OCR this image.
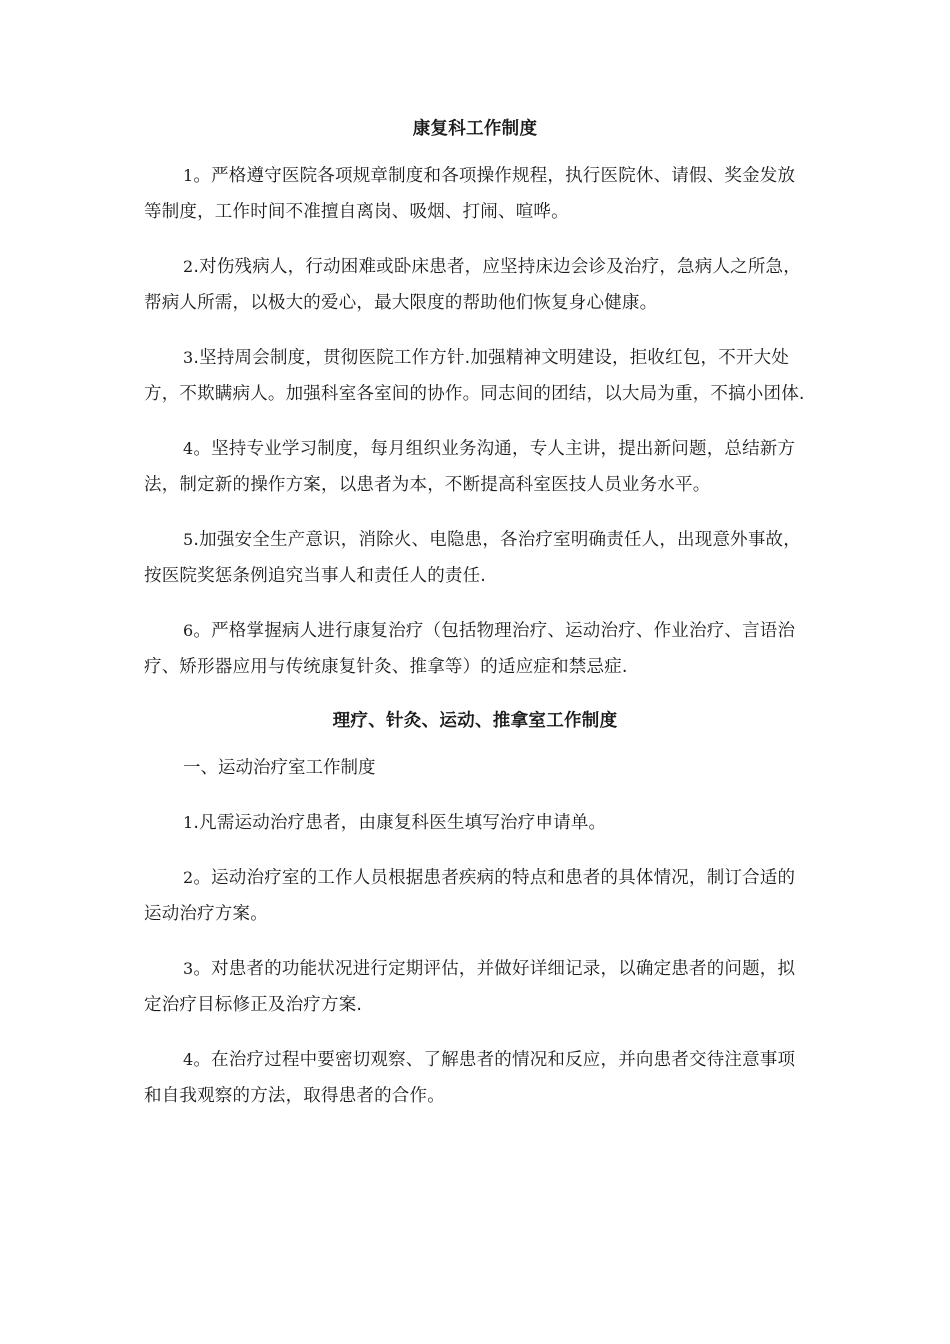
康复科工作制度
1。严格遵守医院各项规章制度和各项操作规程，执行医院休、请假、奖金发放等制度，工作时间不准擅自离岗、吸烟、打闹、喧哗。
2.对伤残病人，行动困难或卧床患者，应坚持床边会诊及治疗，急病人之所急，帮病人所需，以极大的爱心，最大限度的帮助他们恢复身心健康。
3.坚持周会制度，贯彻医院工作方针.加强精神文明建设，拒收红包，不开大处方，不欺瞒病人。加强科室各室间的协作。同志间的团结，以大局为重，不搞小团体.
4。坚持专业学习制度，每月组织业务沟通，专人主讲，提出新问题，总结新方法，制定新的操作方案，以患者为本，不断提高科室医技人员业务水平。
5.加强安全生产意识，消除火、电隐患，各治疗室明确责任人，出现意外事故，按医院奖惩条例追究当事人和责任人的责任.
6。严格掌握病人进行康复治疗（包括物理治疗、运动治疗、作业治疗、言语治疗、矫形器应用与传统康复针灸、推拿等）的适应症和禁忌症.
理疗、针灸、运动、推拿室工作制度
一、运动治疗室工作制度
1.凡需运动治疗患者，由康复科医生填写治疗申请单。
2。运动治疗室的工作人员根据患者疾病的特点和患者的具体情况，制订合适的运动治疗方案。
3。对患者的功能状况进行定期评估，并做好详细记录，以确定患者的问题，拟定治疗目标修正及治疗方案.
4。在治疗过程中要密切观察、了解患者的情况和反应，并向患者交待注意事项和自我观察的方法，取得患者的合作。
